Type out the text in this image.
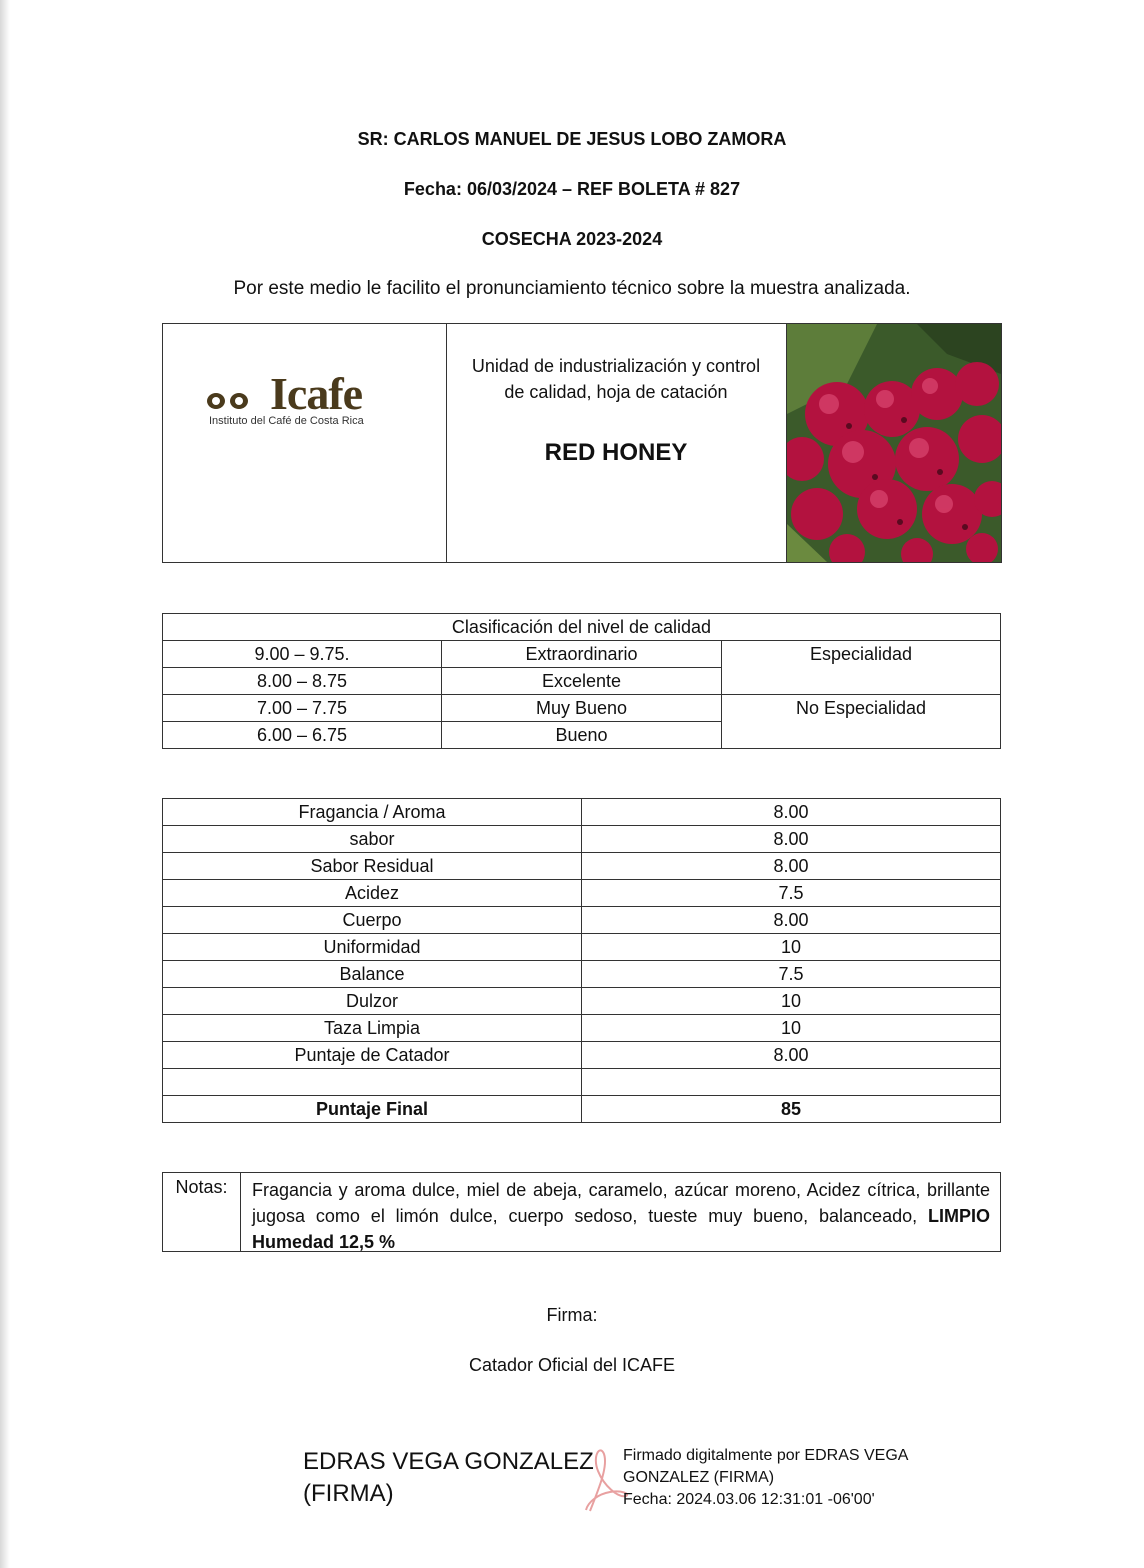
SR: CARLOS MANUEL DE JESUS LOBO ZAMORA
Fecha: 06/03/2024 – REF BOLETA # 827
COSECHA 2023-2024
Por este medio le facilito el pronunciamiento técnico sobre la muestra analizada.
Icafe
Instituto del Café de Costa Rica
Unidad de industrialización y control
de calidad, hoja de catación
RED HONEY
Clasificación del nivel de calidad		
9.00 – 9.75.	Extraordinario	Especialidad
8.00 – 8.75	Excelente	
7.00 – 7.75	Muy Bueno	No Especialidad
6.00 – 6.75	Bueno	
Fragancia / Aroma	8.00
sabor	8.00
Sabor Residual	8.00
Acidez	7.5
Cuerpo	8.00
Uniformidad	10
Balance	7.5
Dulzor	10
Taza Limpia	10
Puntaje de Catador	8.00

Puntaje Final	85
Notas:	Fragancia y aroma dulce, miel de abeja, caramelo, azúcar moreno, Acidez cítrica, brillante jugosa como el limón dulce, cuerpo sedoso, tueste muy bueno, balanceado, LIMPIO Humedad 12,5 %
Firma:
Catador Oficial del ICAFE
EDRAS VEGA GONZALEZ
(FIRMA)
Firmado digitalmente por EDRAS VEGA
GONZALEZ (FIRMA)
Fecha: 2024.03.06 12:31:01 -06'00'
